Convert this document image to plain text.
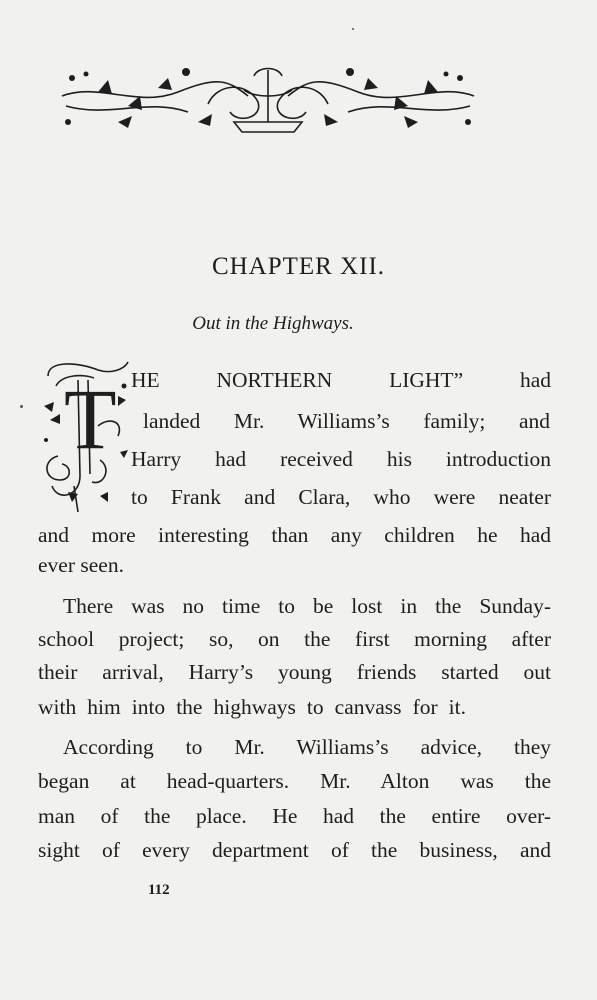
CHAPTER XII.
Out in the Highways.
T HE NORTHERN LIGHT” had
landed Mr. Williams’s family; and
Harry had received his introduction
to Frank and Clara, who were neater
and more interesting than any children he had
ever seen.
There was no time to be lost in the Sunday-
school project; so, on the first morning after
their arrival, Harry’s young friends started out
with him into the highways to canvass for it.
According to Mr. Williams’s advice, they
began at head-quarters. Mr. Alton was the
man of the place. He had the entire over-
sight of every department of the business, and
112
